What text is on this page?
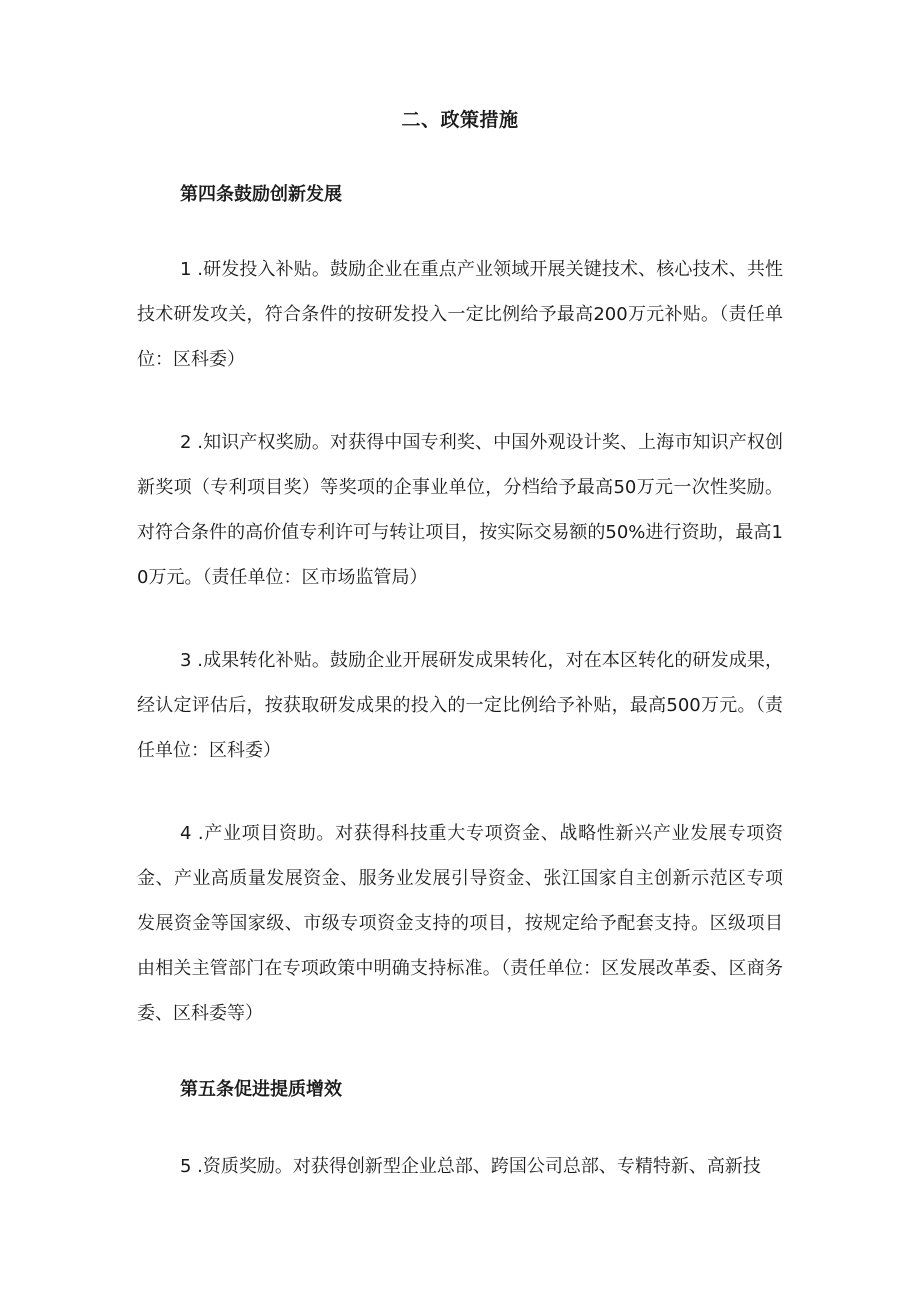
二、政策措施
第四条鼓励创新发展

1 .研发投入补贴。鼓励企业在重点产业领域开展关键技术、核心技术、共性技术研发攻关，符合条件的按研发投入一定比例给予最高200万元补贴。（责任单位：区科委）

2 .知识产权奖励。对获得中国专利奖、中国外观设计奖、上海市知识产权创新奖项（专利项目奖）等奖项的企事业单位，分档给予最高50万元一次性奖励。对符合条件的高价值专利许可与转让项目，按实际交易额的50%进行资助，最高10万元。（责任单位：区市场监管局）

3 .成果转化补贴。鼓励企业开展研发成果转化，对在本区转化的研发成果，经认定评估后，按获取研发成果的投入的一定比例给予补贴，最高500万元。（责任单位：区科委）

4 .产业项目资助。对获得科技重大专项资金、战略性新兴产业发展专项资金、产业高质量发展资金、服务业发展引导资金、张江国家自主创新示范区专项发展资金等国家级、市级专项资金支持的项目，按规定给予配套支持。区级项目由相关主管部门在专项政策中明确支持标准。（责任单位：区发展改革委、区商务委、区科委等）

第五条促进提质增效

5 .资质奖励。对获得创新型企业总部、跨国公司总部、专精特新、高新技
